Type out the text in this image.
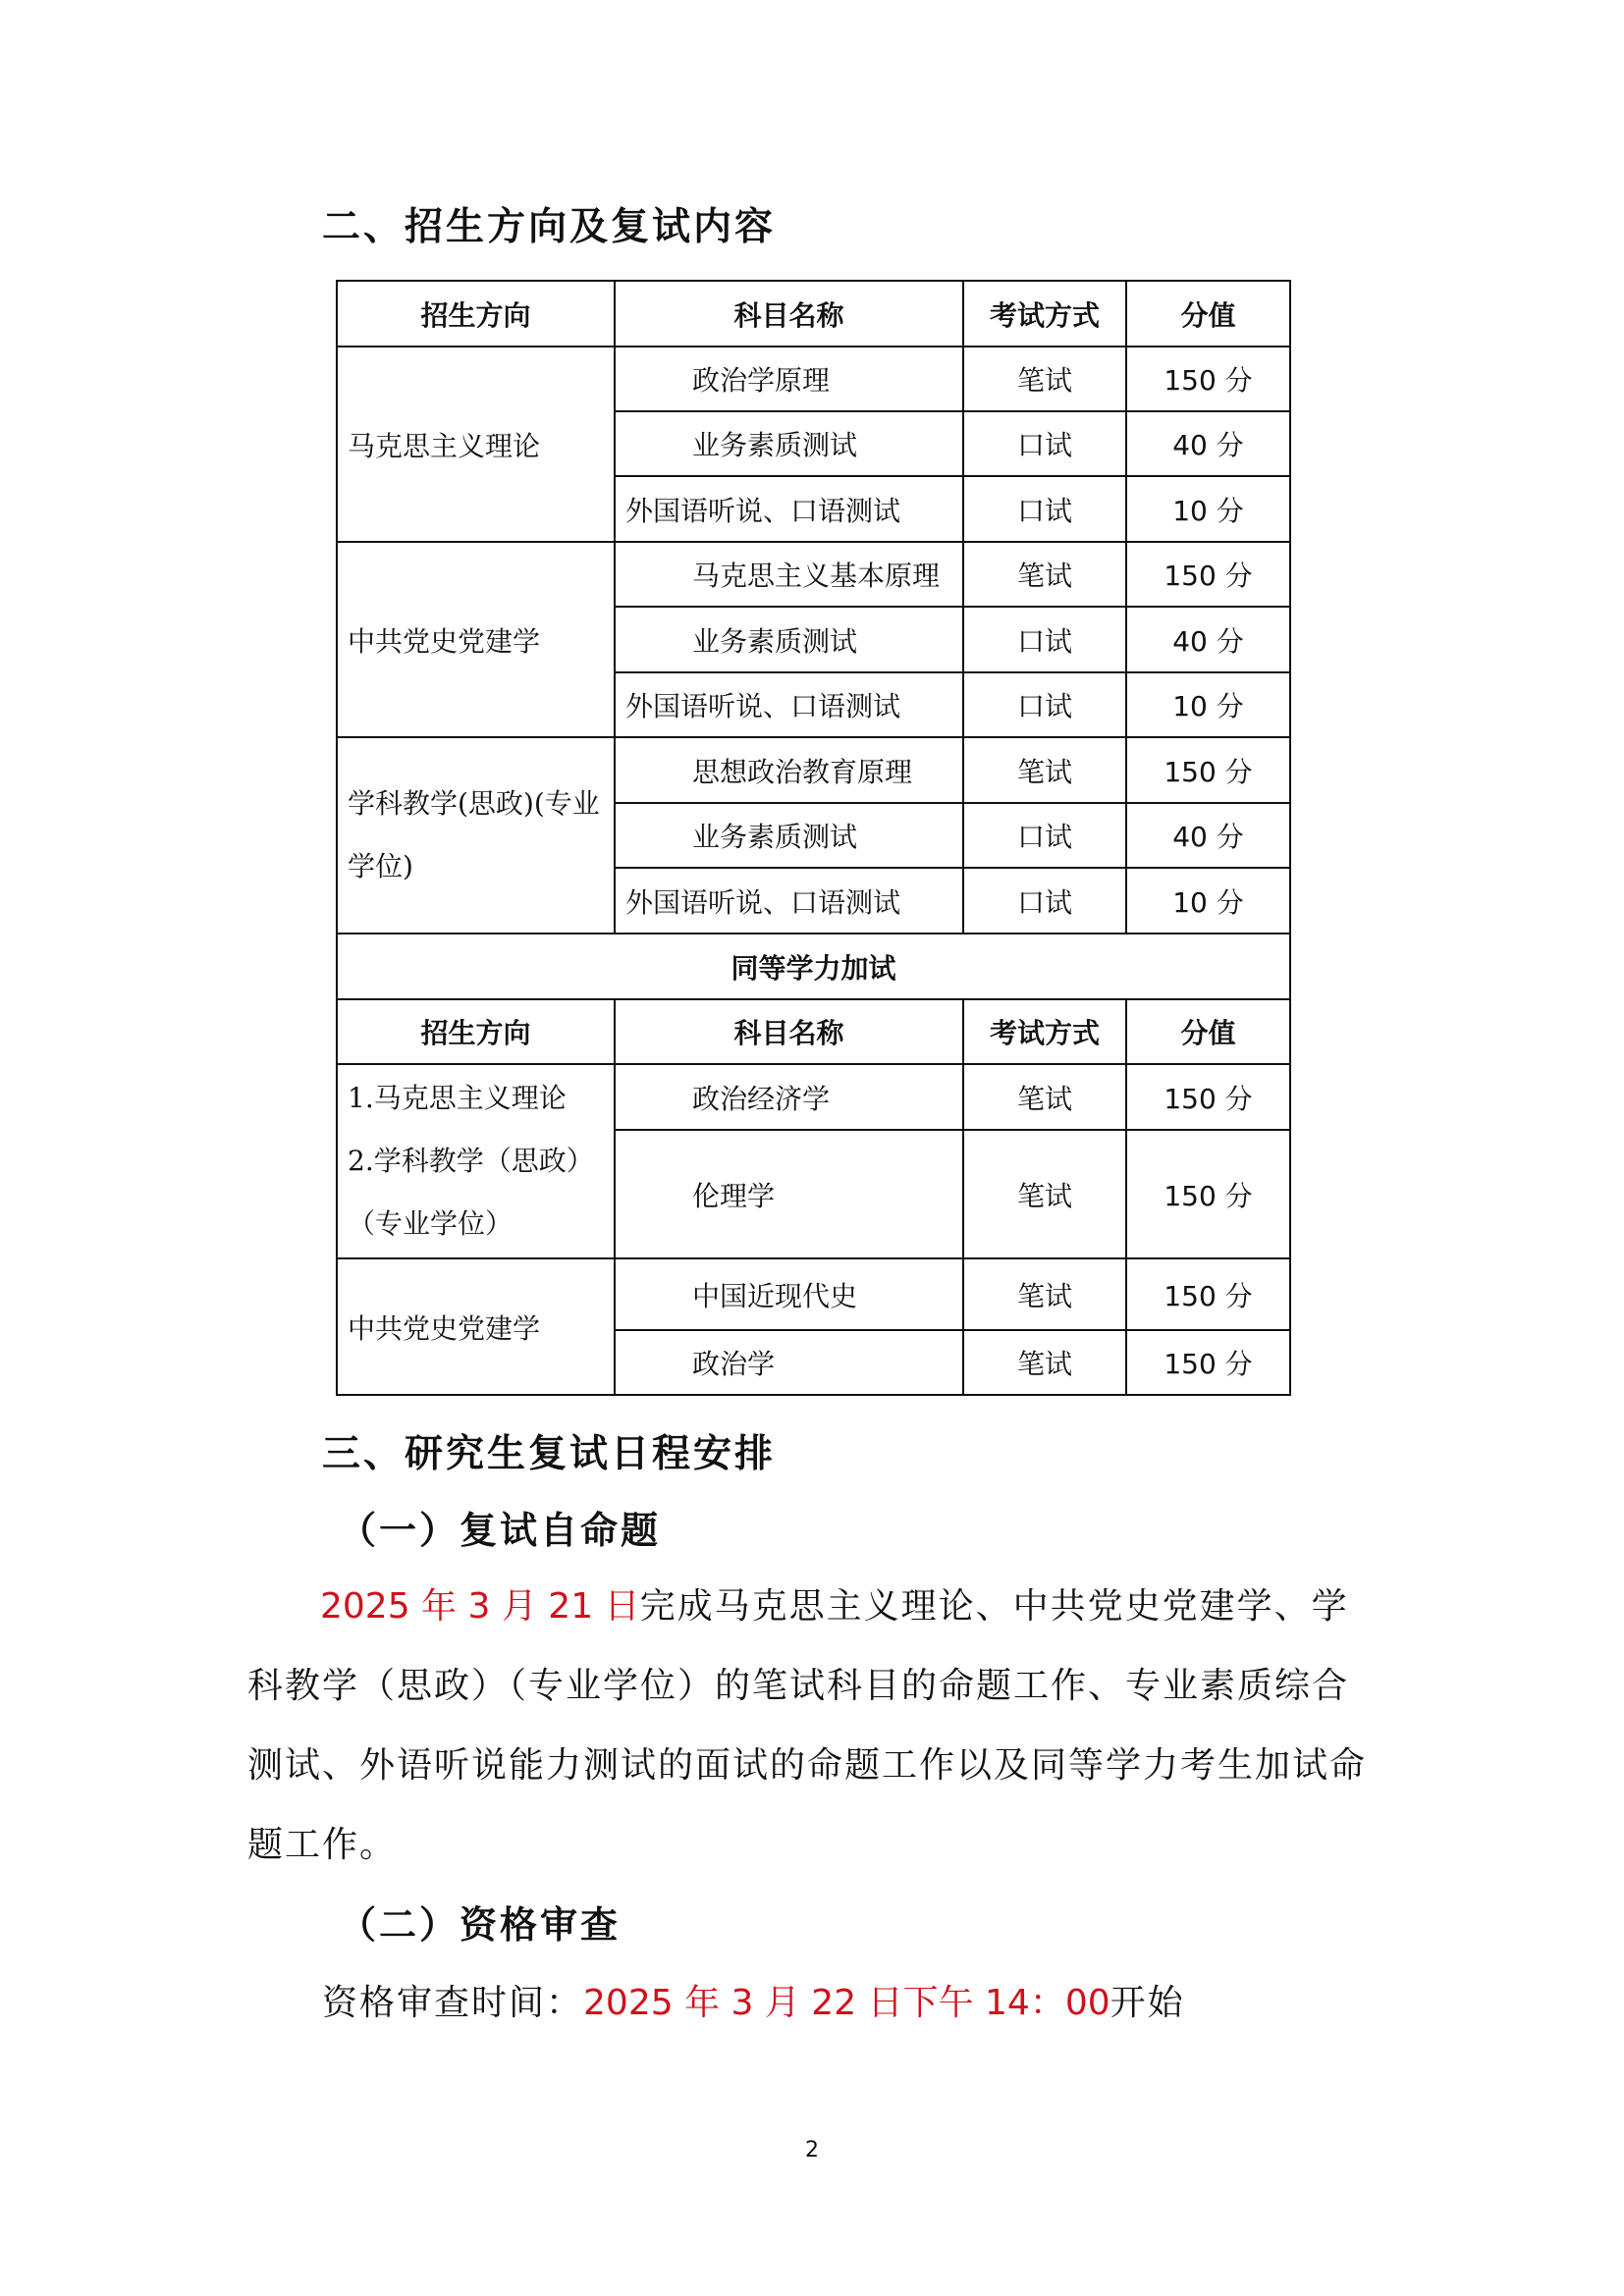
二、招生方向及复试内容
招生方向	科目名称	考试方式	分值
马克思主义理论	政治学原理	笔试	150 分
	业务素质测试	口试	40 分
	外国语听说、口语测试	口试	10 分
中共党史党建学	马克思主义基本原理	笔试	150 分
	业务素质测试	口试	40 分
	外国语听说、口语测试	口试	10 分
学科教学(思政)(专业学位)	思想政治教育原理	笔试	150 分
	业务素质测试	口试	40 分
	外国语听说、口语测试	口试	10 分
同等学力加试			
招生方向	科目名称	考试方式	分值

1.马克思主义理论
2.学科教学（思政）
（专业学位）	政治经济学	笔试	150 分
	伦理学	笔试	150 分
中共党史党建学	中国近现代史	笔试	150 分
	政治学	笔试	150 分
三、研究生复试日程安排
（一）复试自命题
2025 年 3 月 21 日完成马克思主义理论、中共党史党建学、学科教学（思政）（专业学位）的笔试科目的命题工作、专业素质综合测试、外语听说能力测试的面试的命题工作以及同等学力考生加试命题工作。
（二）资格审查
资格审查时间：2025 年 3 月 22 日下午 14：00开始
2
